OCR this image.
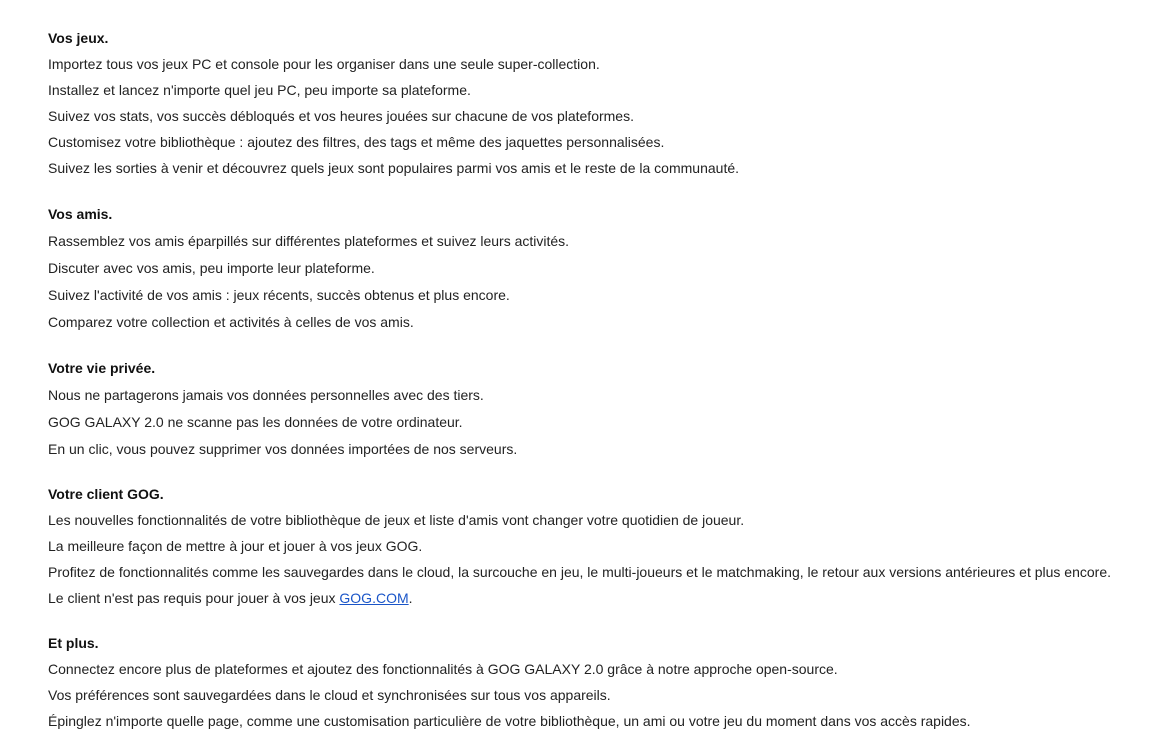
Vos jeux.
Importez tous vos jeux PC et console pour les organiser dans une seule super-collection.
Installez et lancez n'importe quel jeu PC, peu importe sa plateforme.
Suivez vos stats, vos succès débloqués et vos heures jouées sur chacune de vos plateformes.
Customisez votre bibliothèque : ajoutez des filtres, des tags et même des jaquettes personnalisées.
Suivez les sorties à venir et découvrez quels jeux sont populaires parmi vos amis et le reste de la communauté.
Vos amis.
Rassemblez vos amis éparpillés sur différentes plateformes et suivez leurs activités.
Discuter avec vos amis, peu importe leur plateforme.
Suivez l'activité de vos amis : jeux récents, succès obtenus et plus encore.
Comparez votre collection et activités à celles de vos amis.
Votre vie privée.
Nous ne partagerons jamais vos données personnelles avec des tiers.
GOG GALAXY 2.0 ne scanne pas les données de votre ordinateur.
En un clic, vous pouvez supprimer vos données importées de nos serveurs.
Votre client GOG.
Les nouvelles fonctionnalités de votre bibliothèque de jeux et liste d'amis vont changer votre quotidien de joueur.
La meilleure façon de mettre à jour et jouer à vos jeux GOG.
Profitez de fonctionnalités comme les sauvegardes dans le cloud, la surcouche en jeu, le multi-joueurs et le matchmaking, le retour aux versions antérieures et plus encore.
Le client n'est pas requis pour jouer à vos jeux GOG.COM.
Et plus.
Connectez encore plus de plateformes et ajoutez des fonctionnalités à GOG GALAXY 2.0 grâce à notre approche open-source.
Vos préférences sont sauvegardées dans le cloud et synchronisées sur tous vos appareils.
Épinglez n'importe quelle page, comme une customisation particulière de votre bibliothèque, un ami ou votre jeu du moment dans vos accès rapides.
